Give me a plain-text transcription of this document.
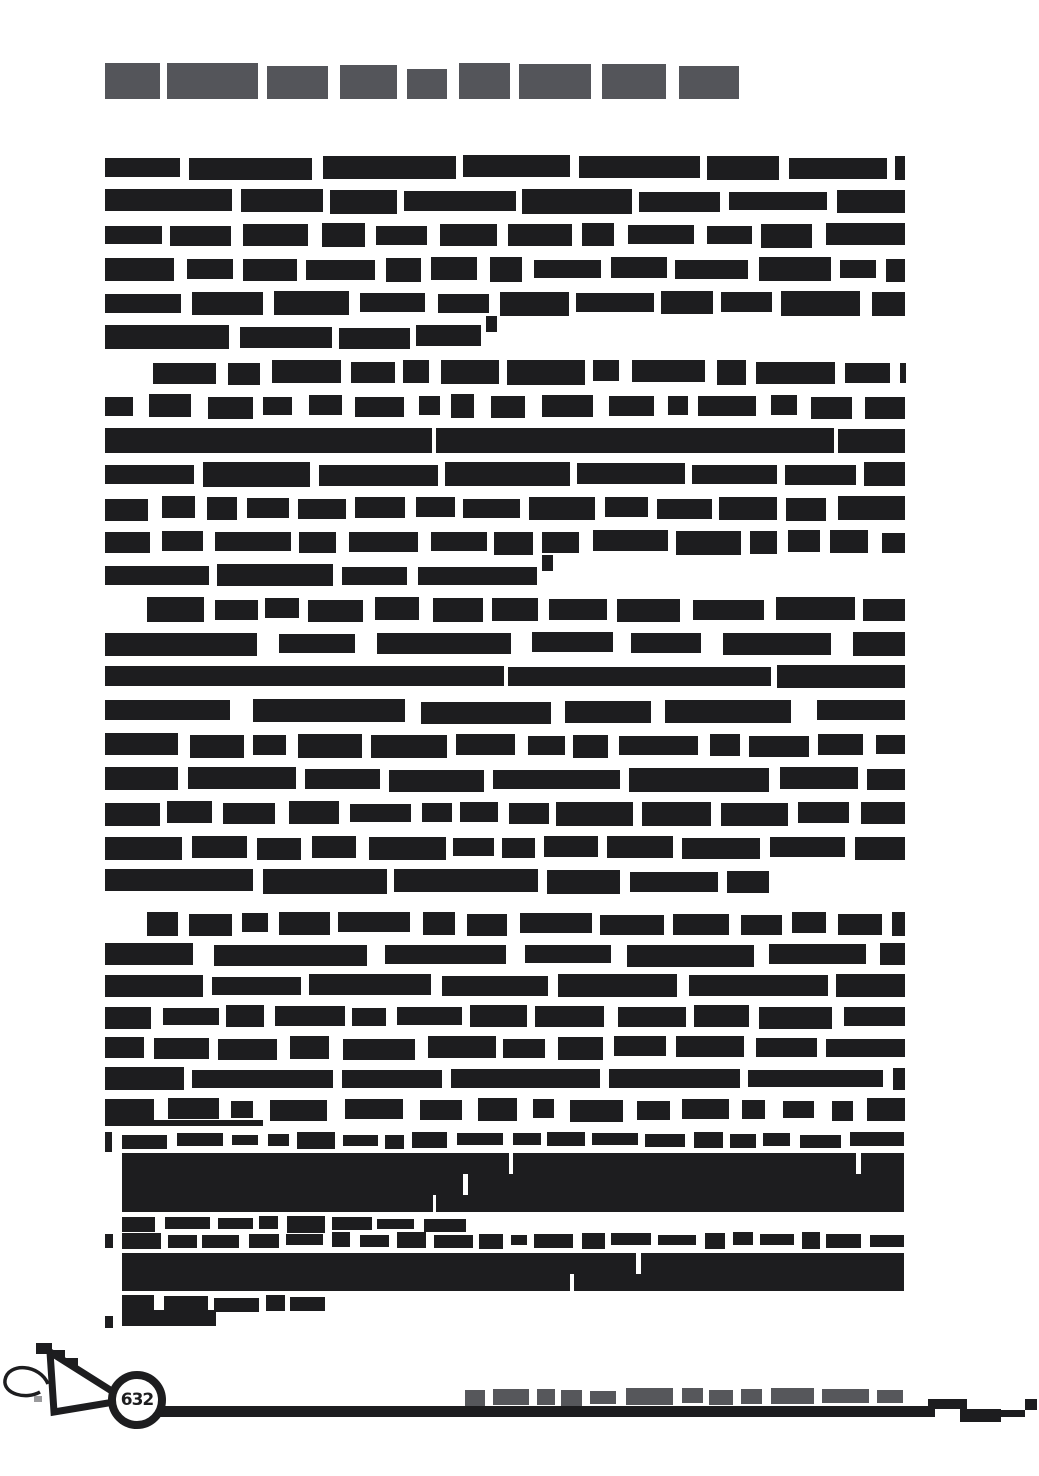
632
